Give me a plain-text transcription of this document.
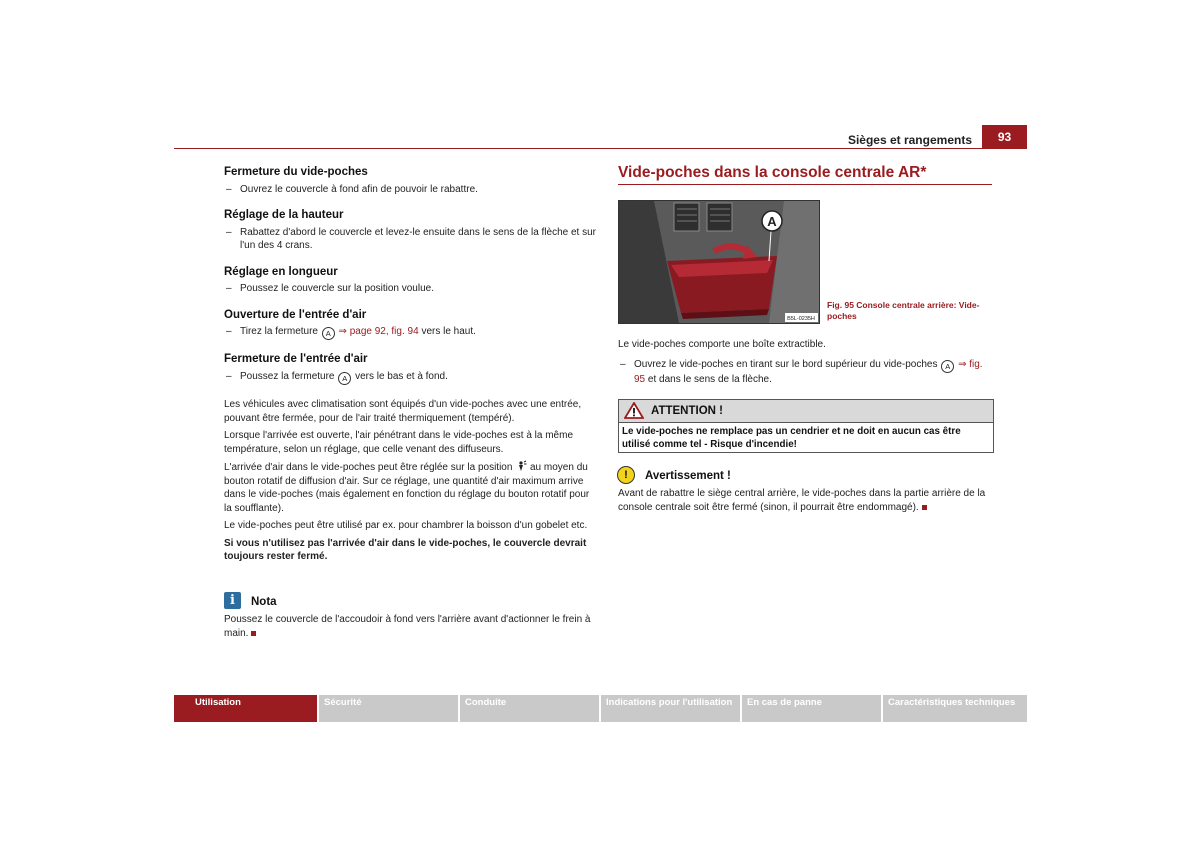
Sièges et rangements	93
Fermeture du vide-poches
– Ouvrez le couvercle à fond afin de pouvoir le rabattre.
Réglage de la hauteur
– Rabattez d'abord le couvercle et levez-le ensuite dans le sens de la flèche et sur l'un des 4 crans.
Réglage en longueur
– Poussez le couvercle sur la position voulue.
Ouverture de l'entrée d'air
– Tirez la fermeture A ⇒ page 92, fig. 94 vers le haut.
Fermeture de l'entrée d'air
– Poussez la fermeture A vers le bas et à fond.

Les véhicules avec climatisation sont équipés d'un vide-poches avec une entrée, pouvant être fermée, pour de l'air traité thermiquement (tempéré).

Lorsque l'arrivée est ouverte, l'air pénétrant dans le vide-poches est à la même température, selon un réglage, que celle venant des diffuseurs.

L'arrivée d'air dans le vide-poches peut être réglée sur la position au moyen du bouton rotatif de diffusion d'air. Sur ce réglage, une quantité d'air maximum arrive dans le vide-poches (mais également en fonction du réglage du bouton rotatif pour la soufflante).

Le vide-poches peut être utilisé par ex. pour chambrer la boisson d'un gobelet etc.

Si vous n'utilisez pas l'arrivée d'air dans le vide-poches, le couvercle devrait toujours rester fermé.

i	Nota
Poussez le couvercle de l'accoudoir à fond vers l'arrière avant d'actionner le frein à main.
Vide-poches dans la console centrale AR*
A
B5L-0235H
Fig. 95 Console centrale arrière: Vide-poches

Le vide-poches comporte une boîte extractible.

– Ouvrez le vide-poches en tirant sur le bord supérieur du vide-poches A ⇒ fig. 95 et dans le sens de la flèche.
ATTENTION !
Le vide-poches ne remplace pas un cendrier et ne doit en aucun cas être utilisé comme tel - Risque d'incendie!
!	Avertissement !
Avant de rabattre le siège central arrière, le vide-poches dans la partie arrière de la console centrale soit être fermé (sinon, il pourrait être endommagé).
Utilisation	Sécurité	Conduite	Indications pour l'utilisation	En cas de panne	Caractéristiques techniques
